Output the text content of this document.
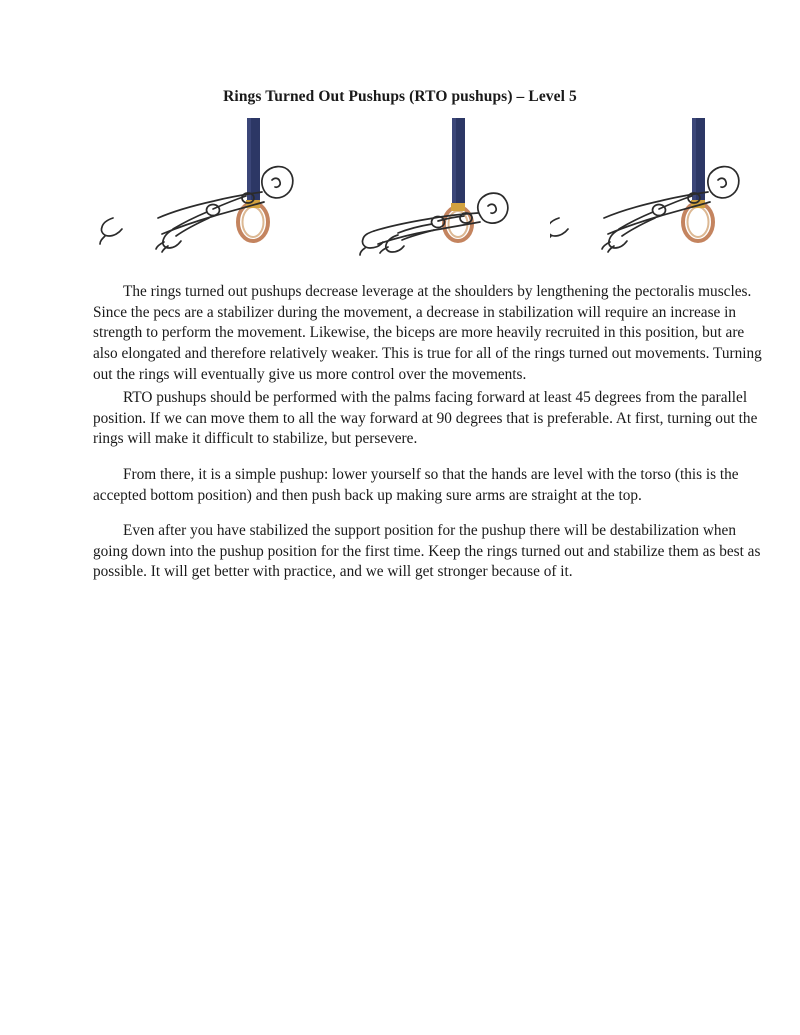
Rings Turned Out Pushups (RTO pushups) – Level 5

The rings turned out pushups decrease leverage at the shoulders by lengthening the pectoralis muscles. Since the pecs are a stabilizer during the movement, a decrease in stabilization will require an increase in strength to perform the movement. Likewise, the biceps are more heavily recruited in this position, but are also elongated and therefore relatively weaker. This is true for all of the rings turned out movements. Turning out the rings will eventually give us more control over the movements.

RTO pushups should be performed with the palms facing forward at least 45 degrees from the parallel position. If we can move them to all the way forward at 90 degrees that is preferable. At first, turning out the rings will make it difficult to stabilize, but persevere.

From there, it is a simple pushup: lower yourself so that the hands are level with the torso (this is the accepted bottom position) and then push back up making sure arms are straight at the top.

Even after you have stabilized the support position for the pushup there will be destabilization when going down into the pushup position for the first time. Keep the rings turned out and stabilize them as best as possible. It will get better with practice, and we will get stronger because of it.
